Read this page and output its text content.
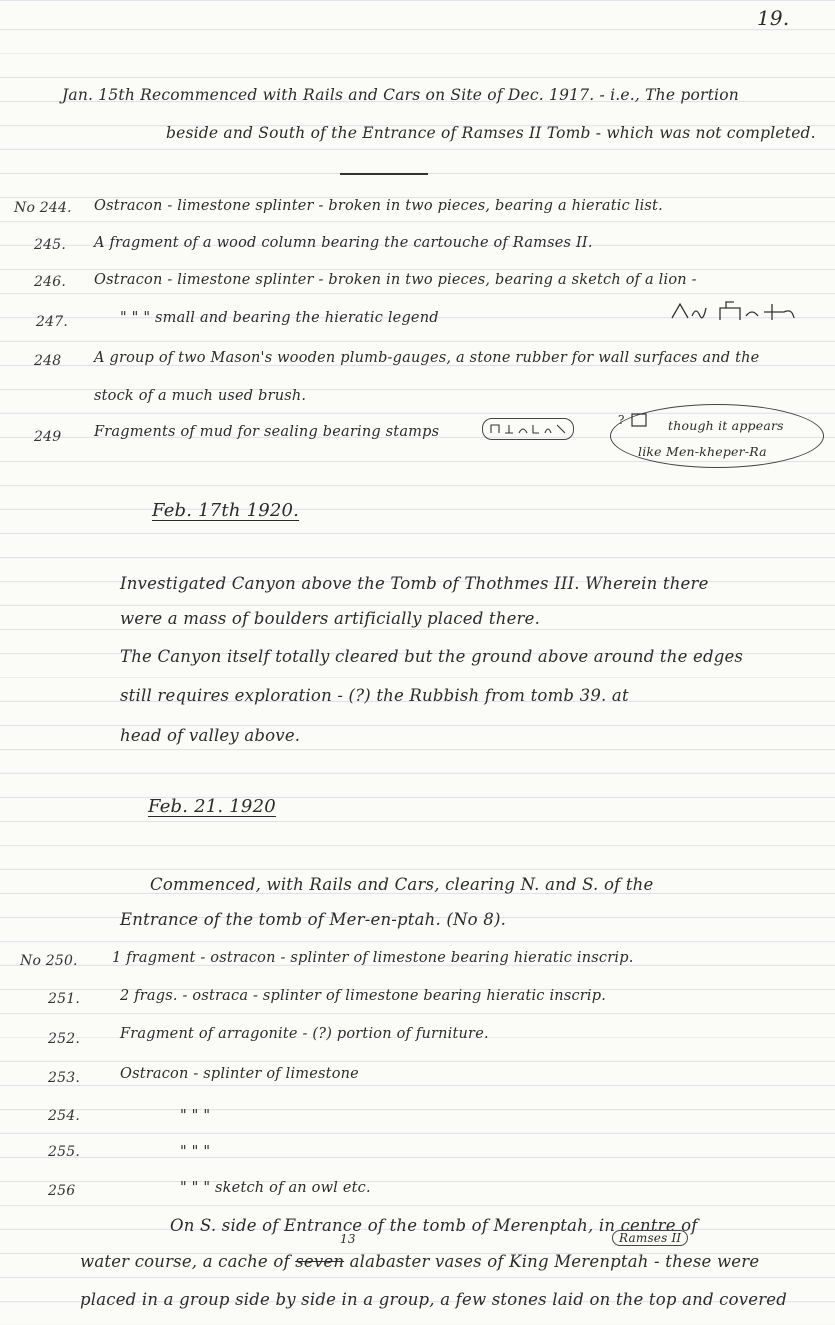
19.
Jan. 15th Recommenced with Rails and Cars on Site of Dec. 1917. - i.e., The portion
beside and South of the Entrance of Ramses II Tomb - which was not completed.
No 244. Ostracon - limestone splinter - broken in two pieces, bearing a hieratic list.
245. A fragment of a wood column bearing the cartouche of Ramses II.
246. Ostracon - limestone splinter - broken in two pieces, bearing a sketch of a lion -
247.	" " " small and bearing the hieratic legend
248 A group of two Mason's wooden plumb-gauges, a stone rubber for wall surfaces and the
stock of a much used brush.
249 Fragments of mud for sealing bearing stamps
?	though it appears
like Men-kheper-Ra
Feb. 17th 1920.
Investigated Canyon above the Tomb of Thothmes III. Wherein there
were a mass of boulders artificially placed there.
The Canyon itself totally cleared but the ground above around the edges
still requires exploration - (?) the Rubbish from tomb 39. at
head of valley above.
Feb. 21. 1920
Commenced, with Rails and Cars, clearing N. and S. of the
Entrance of the tomb of Mer-en-ptah. (No 8).
No 250. 1 fragment - ostracon - splinter of limestone bearing hieratic inscrip.
251.	2 frags. - ostraca - splinter of limestone bearing hieratic inscrip.
252.	Fragment of arragonite - (?) portion of furniture.
253.	Ostracon - splinter of limestone
254.	" " "
255.	" " "
256	" " " sketch of an owl etc.
On S. side of Entrance of the tomb of Merenptah, in centre of
13	Ramses II
water course, a cache of seven alabaster vases of King Merenptah - these were
placed in a group side by side in a group, a few stones laid on the top and covered
